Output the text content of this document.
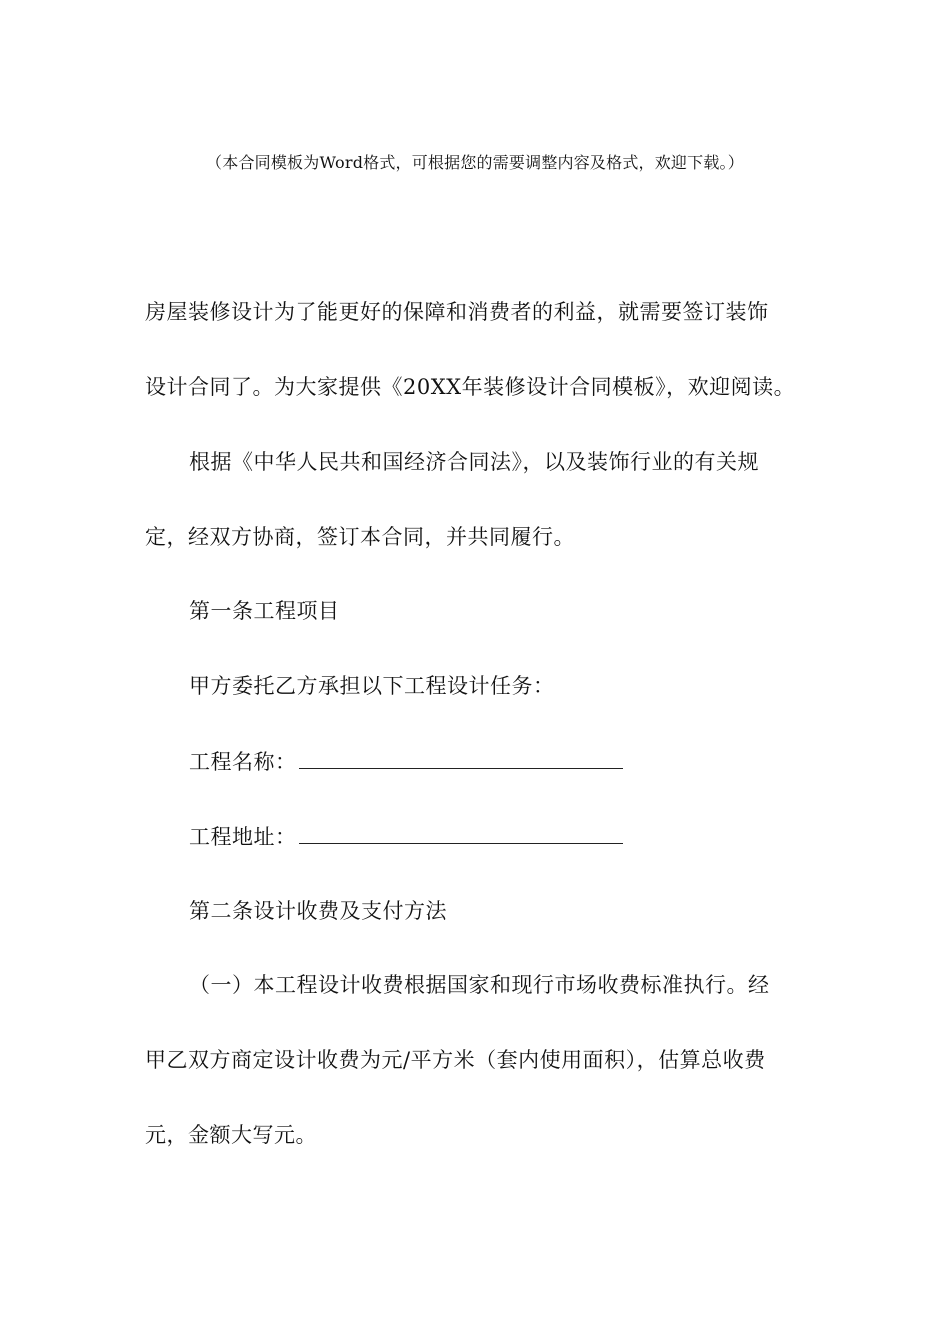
（本合同模板为Word格式，可根据您的需要调整内容及格式，欢迎下载。）
房屋装修设计为了能更好的保障和消费者的利益，就需要签订装饰
设计合同了。为大家提供《20XX年装修设计合同模板》，欢迎阅读。
根据《中华人民共和国经济合同法》，以及装饰行业的有关规
定，经双方协商，签订本合同，并共同履行。
第一条工程项目
甲方委托乙方承担以下工程设计任务：
工程名称：
工程地址：
第二条设计收费及支付方法
（一）本工程设计收费根据国家和现行市场收费标准执行。经
甲乙双方商定设计收费为元/平方米（套内使用面积），估算总收费
元，金额大写元。
